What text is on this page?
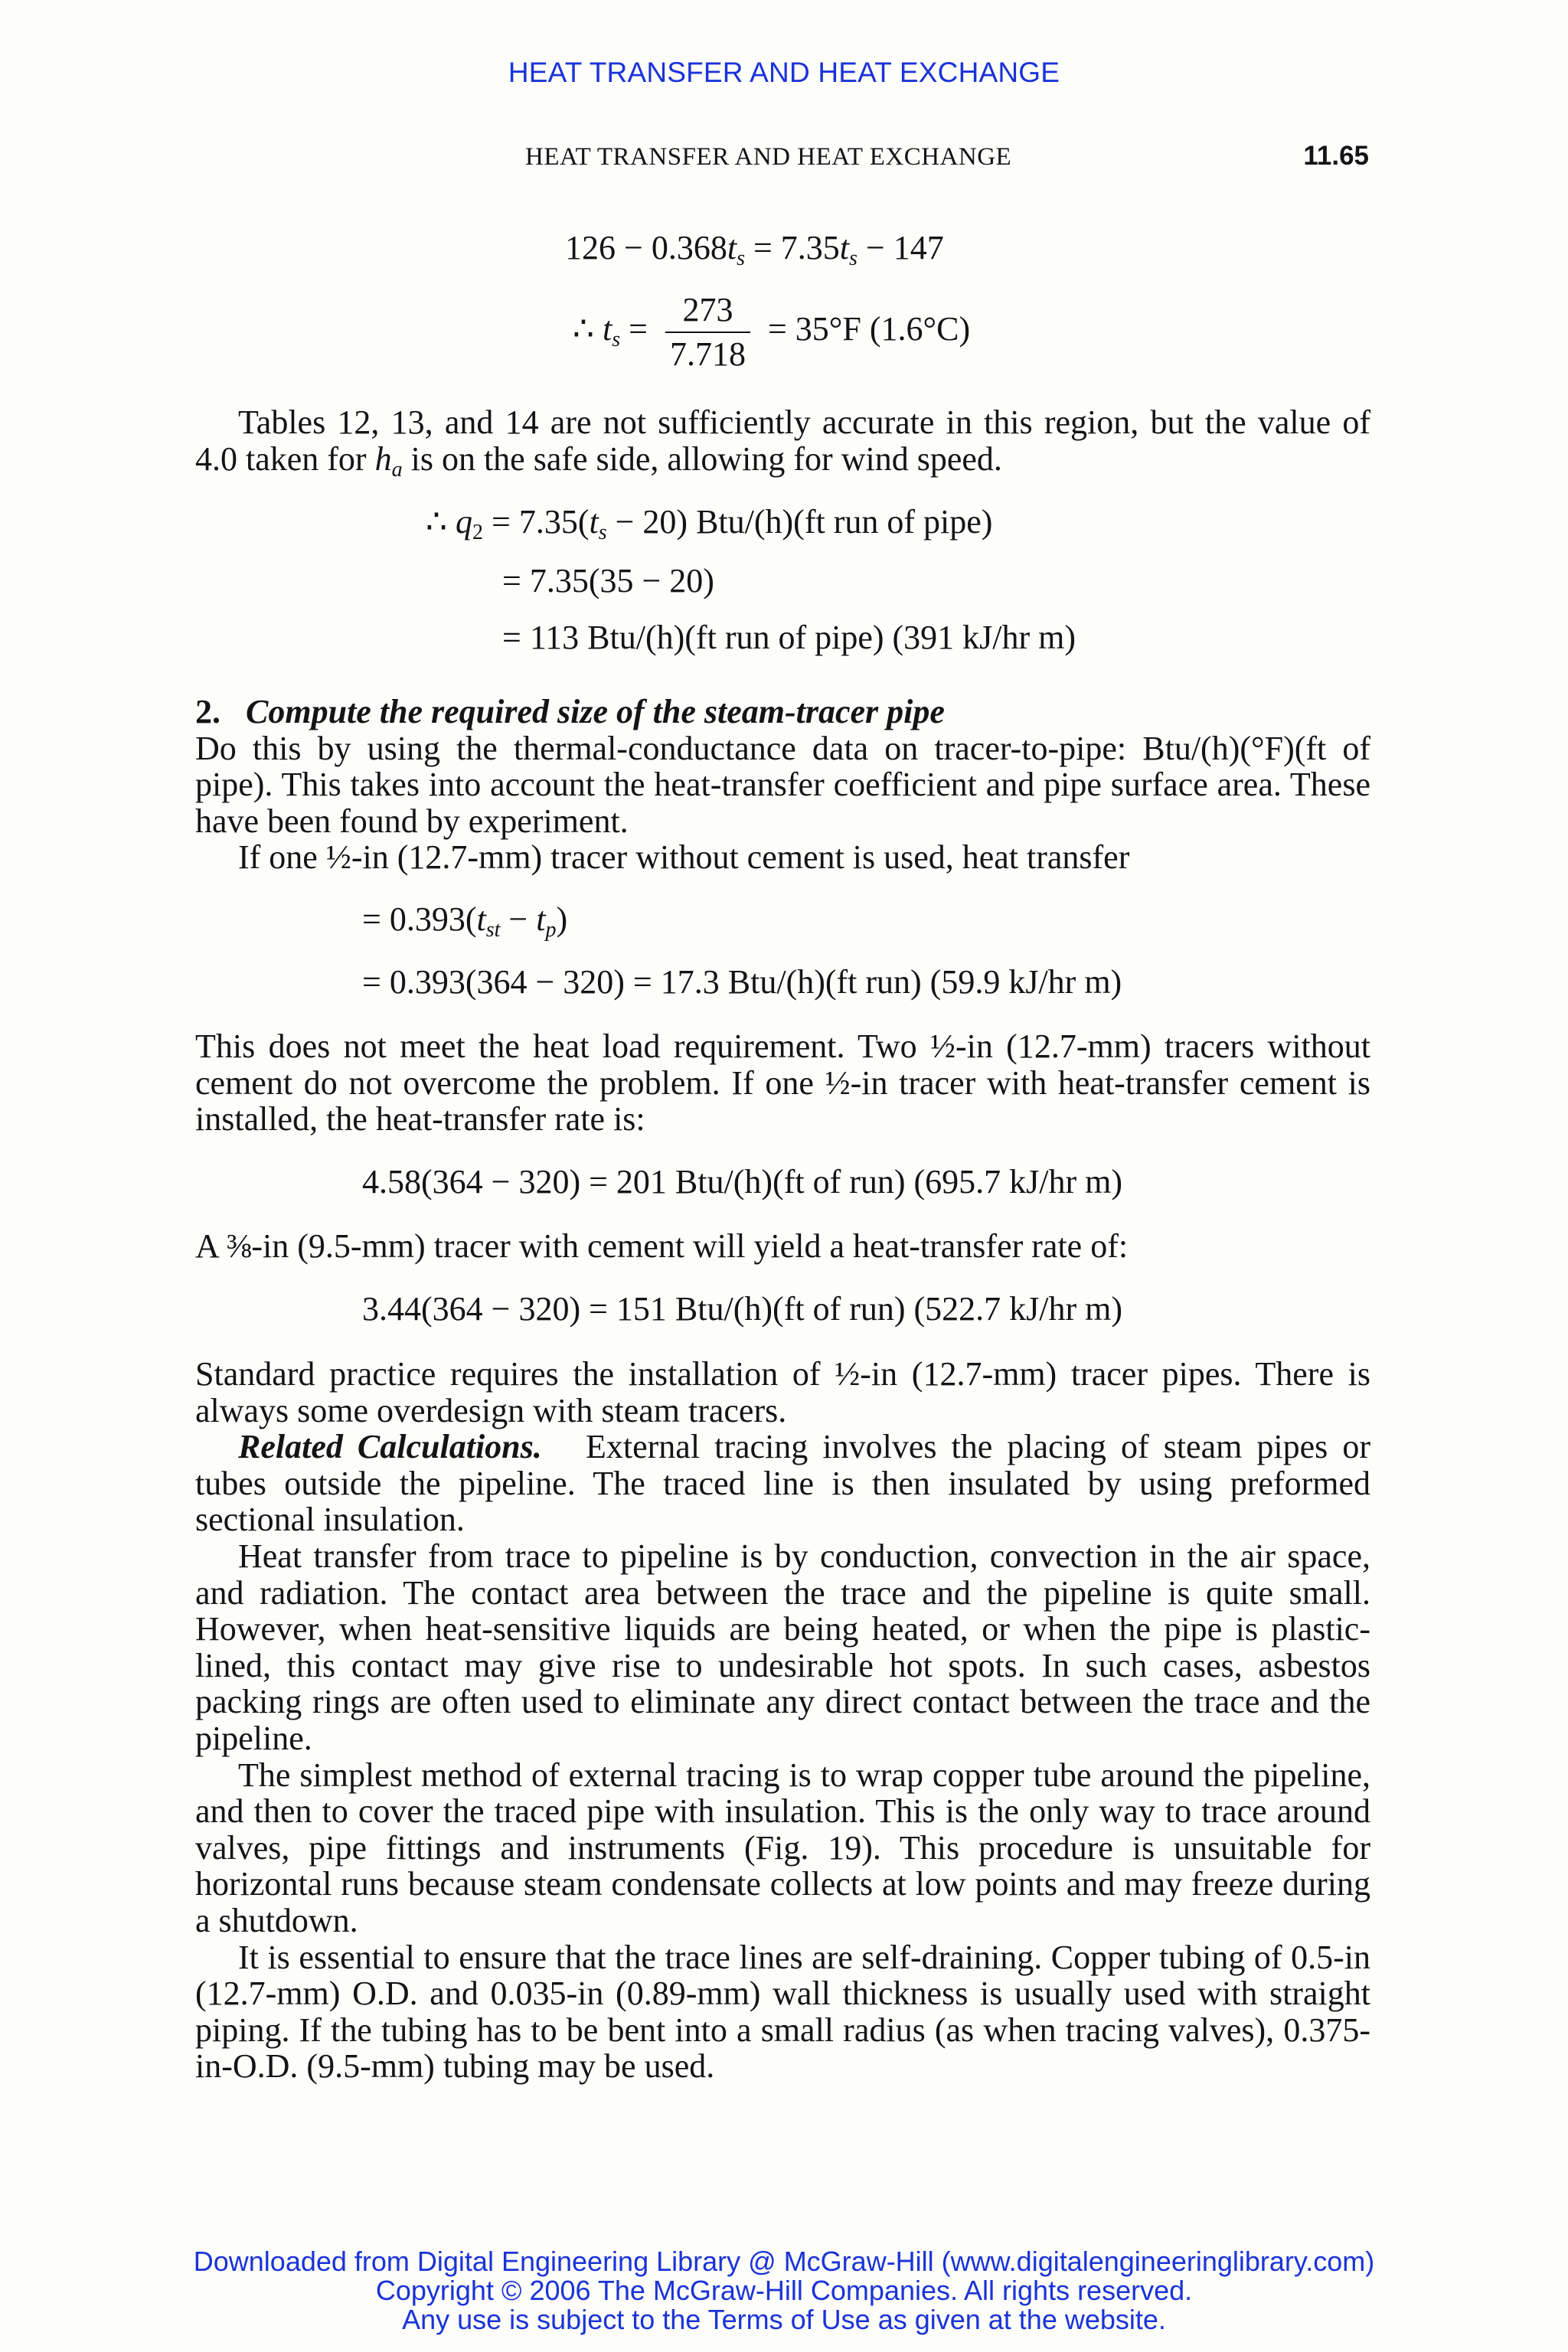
HEAT TRANSFER AND HEAT EXCHANGE
HEAT TRANSFER AND HEAT EXCHANGE	11.65
$126 - 0.368t_s = 7.35t_s - 147$
∴ $t_s = \frac{273}{7.718} = 35^\circ F$ (1.6°C)

Tables 12, 13, and 14 are not sufficiently accurate in this region, but the value of 4.0 taken for $h_a$ is on the safe side, allowing for wind speed.

∴ $q_2 = 7.35(t_s - 20)$ Btu/(h)(ft run of pipe)
= 7.35(35 − 20)
= 113 Btu/(h)(ft run of pipe) (391 kJ/hr m)

2. Compute the required size of the steam-tracer pipe

Do this by using the thermal-conductance data on tracer-to-pipe: Btu/(h)(°F)(ft of pipe). This takes into account the heat-transfer coefficient and pipe surface area. These have been found by experiment.

If one ½-in (12.7-mm) tracer without cement is used, heat transfer

= $0.393(t_{st} - t_p)$
= 0.393(364 − 320) = 17.3 Btu/(h)(ft run) (59.9 kJ/hr m)

This does not meet the heat load requirement. Two ½-in (12.7-mm) tracers without cement do not overcome the problem. If one ½-in tracer with heat-transfer cement is installed, the heat-transfer rate is:

4.58(364 − 320) = 201 Btu/(h)(ft of run) (695.7 kJ/hr m)

A ⅜-in (9.5-mm) tracer with cement will yield a heat-transfer rate of:

3.44(364 − 320) = 151 Btu/(h)(ft of run) (522.7 kJ/hr m)

Standard practice requires the installation of ½-in (12.7-mm) tracer pipes. There is always some overdesign with steam tracers.

Related Calculations. External tracing involves the placing of steam pipes or tubes outside the pipeline. The traced line is then insulated by using preformed sectional insulation.

Heat transfer from trace to pipeline is by conduction, convection in the air space, and radiation. The contact area between the trace and the pipeline is quite small. However, when heat-sensitive liquids are being heated, or when the pipe is plastic-lined, this contact may give rise to undesirable hot spots. In such cases, asbestos packing rings are often used to eliminate any direct contact between the trace and the pipeline.

The simplest method of external tracing is to wrap copper tube around the pipeline, and then to cover the traced pipe with insulation. This is the only way to trace around valves, pipe fittings and instruments (Fig. 19). This procedure is unsuitable for horizontal runs because steam condensate collects at low points and may freeze during a shutdown.

It is essential to ensure that the trace lines are self-draining. Copper tubing of 0.5-in (12.7-mm) O.D. and 0.035-in (0.89-mm) wall thickness is usually used with straight piping. If the tubing has to be bent into a small radius (as when tracing valves), 0.375-in-O.D. (9.5-mm) tubing may be used.

Downloaded from Digital Engineering Library @ McGraw-Hill (www.digitalengineeringlibrary.com)
Copyright © 2006 The McGraw-Hill Companies. All rights reserved.
Any use is subject to the Terms of Use as given at the website.
